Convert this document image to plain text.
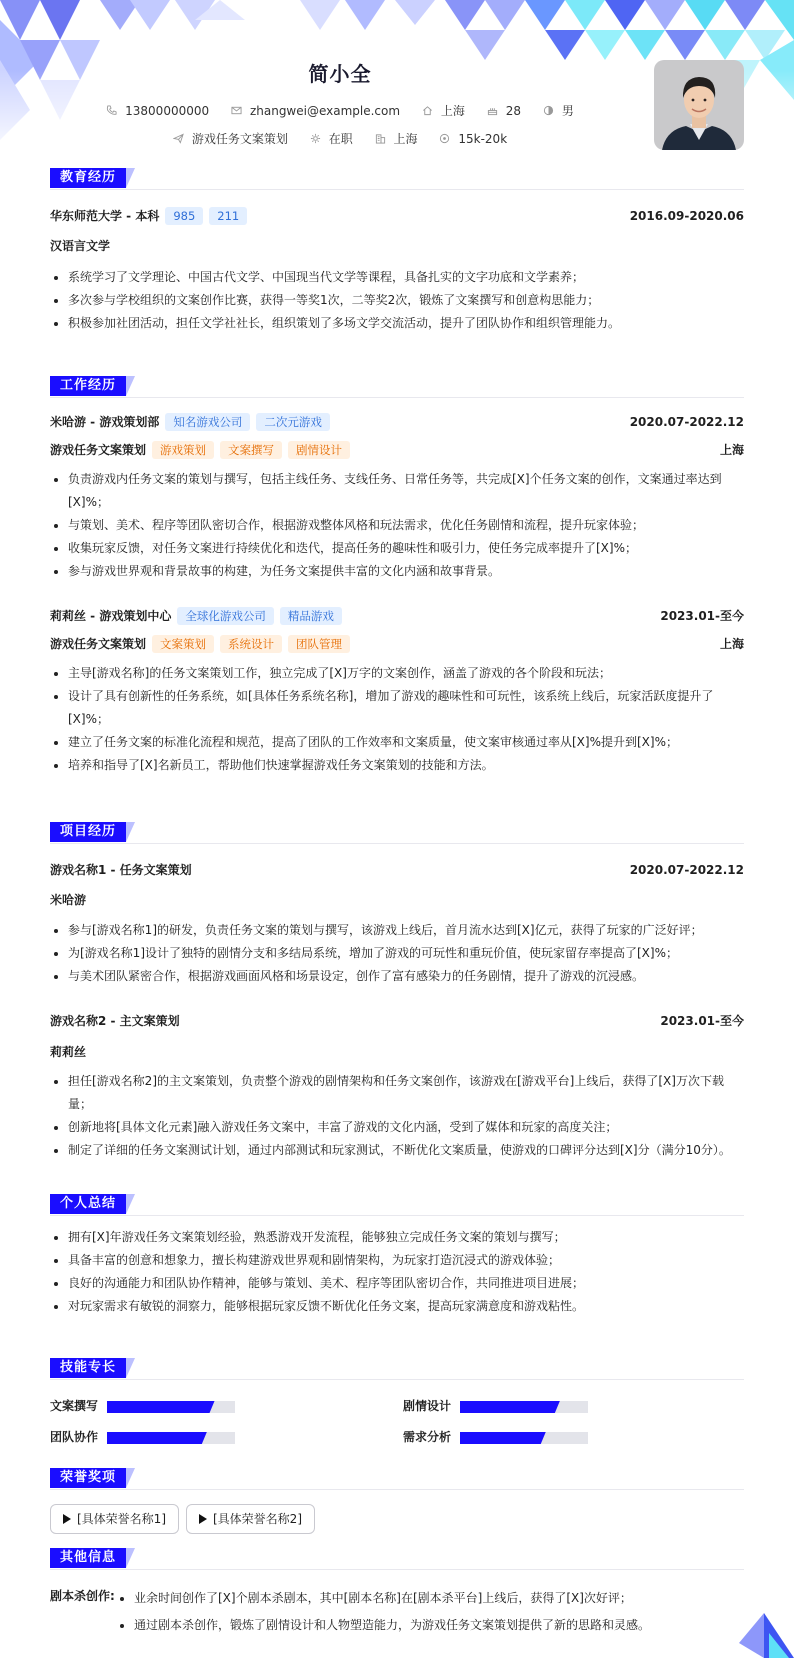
简小全
13800000000
	zhangwei@example.com
	上海
	28
	男
游戏任务文案策划
	在职
	上海
	15k-20k
教育经历
华东师范大学 - 本科 985 211	2016.09-2020.06
汉语言文学
系统学习了文学理论、中国古代文学、中国现当代文学等课程，具备扎实的文字功底和文学素养；
多次参与学校组织的文案创作比赛，获得一等奖1次，二等奖2次，锻炼了文案撰写和创意构思能力；
积极参加社团活动，担任文学社社长，组织策划了多场文学交流活动，提升了团队协作和组织管理能力。
工作经历
米哈游 - 游戏策划部 知名游戏公司 二次元游戏	2020.07-2022.12
游戏任务文案策划 游戏策划 文案撰写 剧情设计	上海
负责游戏内任务文案的策划与撰写，包括主线任务、支线任务、日常任务等，共完成[X]个任务文案的创作，文案通过率达到[X]%；
与策划、美术、程序等团队密切合作，根据游戏整体风格和玩法需求，优化任务剧情和流程，提升玩家体验；
收集玩家反馈，对任务文案进行持续优化和迭代，提高任务的趣味性和吸引力，使任务完成率提升了[X]%；
参与游戏世界观和背景故事的构建，为任务文案提供丰富的文化内涵和故事背景。
莉莉丝 - 游戏策划中心 全球化游戏公司 精品游戏	2023.01-至今
游戏任务文案策划 文案策划 系统设计 团队管理	上海
主导[游戏名称]的任务文案策划工作，独立完成了[X]万字的文案创作，涵盖了游戏的各个阶段和玩法；
设计了具有创新性的任务系统，如[具体任务系统名称]，增加了游戏的趣味性和可玩性，该系统上线后，玩家活跃度提升了[X]%；
建立了任务文案的标准化流程和规范，提高了团队的工作效率和文案质量，使文案审核通过率从[X]%提升到[X]%；
培养和指导了[X]名新员工，帮助他们快速掌握游戏任务文案策划的技能和方法。
项目经历
游戏名称1 - 任务文案策划	2020.07-2022.12
米哈游
参与[游戏名称1]的研发，负责任务文案的策划与撰写，该游戏上线后，首月流水达到[X]亿元，获得了玩家的广泛好评；
为[游戏名称1]设计了独特的剧情分支和多结局系统，增加了游戏的可玩性和重玩价值，使玩家留存率提高了[X]%；
与美术团队紧密合作，根据游戏画面风格和场景设定，创作了富有感染力的任务剧情，提升了游戏的沉浸感。
游戏名称2 - 主文案策划	2023.01-至今
莉莉丝
担任[游戏名称2]的主文案策划，负责整个游戏的剧情架构和任务文案创作，该游戏在[游戏平台]上线后，获得了[X]万次下载量；
创新地将[具体文化元素]融入游戏任务文案中，丰富了游戏的文化内涵，受到了媒体和玩家的高度关注；
制定了详细的任务文案测试计划，通过内部测试和玩家测试，不断优化文案质量，使游戏的口碑评分达到[X]分（满分10分）。
个人总结
拥有[X]年游戏任务文案策划经验，熟悉游戏开发流程，能够独立完成任务文案的策划与撰写；
具备丰富的创意和想象力，擅长构建游戏世界观和剧情架构，为玩家打造沉浸式的游戏体验；
良好的沟通能力和团队协作精神，能够与策划、美术、程序等团队密切合作，共同推进项目进展；
对玩家需求有敏锐的洞察力，能够根据玩家反馈不断优化任务文案，提高玩家满意度和游戏粘性。
技能专长
文案撰写	剧情设计
团队协作	需求分析
荣誉奖项
[具体荣誉名称1]	[具体荣誉名称2]
其他信息
剧本杀创作:	业余时间创作了[X]个剧本杀剧本，其中[剧本名称]在[剧本杀平台]上线后，获得了[X]次好评；
通过剧本杀创作，锻炼了剧情设计和人物塑造能力，为游戏任务文案策划提供了新的思路和灵感。
